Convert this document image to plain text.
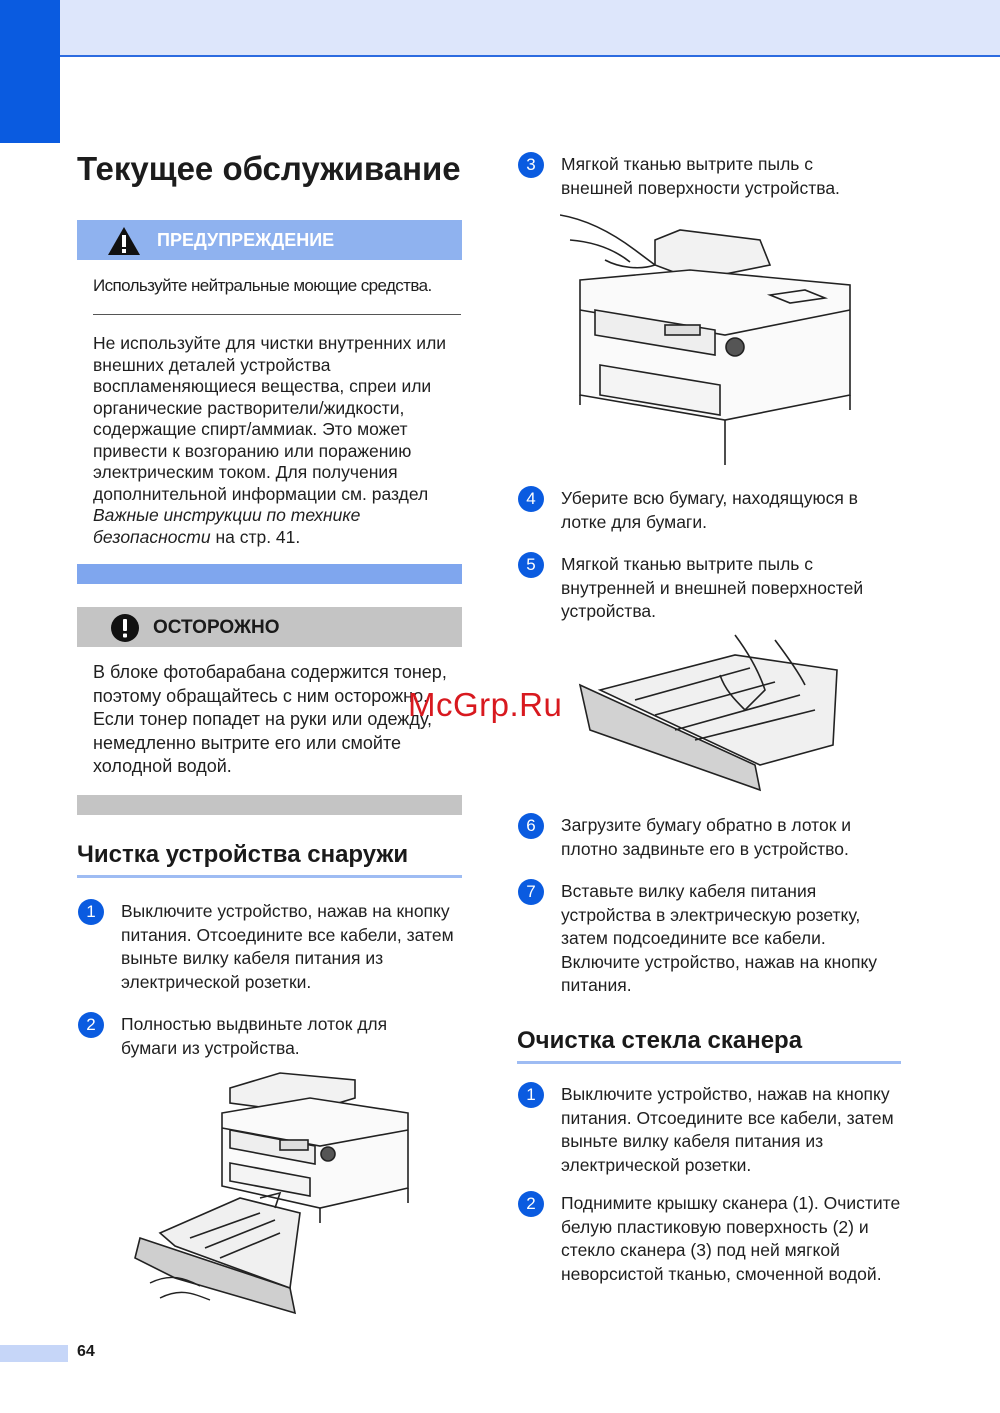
Текущее обслуживание
ПРЕДУПРЕЖДЕНИЕ
Используйте нейтральные моющие средства.

Не используйте для чистки внутренних или внешних деталей устройства воспламеняющиеся вещества, спреи или органические растворители/жидкости, содержащие спирт/аммиак. Это может привести к возгоранию или поражению электрическим током. Для получения дополнительной информации см. раздел Важные инструкции по технике безопасности на стр. 41.

ОСТОРОЖНО

В блоке фотобарабана содержится тонер, поэтому обращайтесь с ним осторожно. Если тонер попадет на руки или одежду, немедленно вытрите его или смойте холодной водой.

Чистка устройства снаружи
1	Выключите устройство, нажав на кнопку питания. Отсоедините все кабели, затем выньте вилку кабеля питания из электрической розетки.
2	Полностью выдвиньте лоток для бумаги из устройства.
3	Мягкой тканью вытрите пыль с внешней поверхности устройства.
4	Уберите всю бумагу, находящуюся в лотке для бумаги.
5	Мягкой тканью вытрите пыль с внутренней и внешней поверхностей устройства.
6	Загрузите бумагу обратно в лоток и плотно задвиньте его в устройство.
7	Вставьте вилку кабеля питания устройства в электрическую розетку, затем подсоедините все кабели. Включите устройство, нажав на кнопку питания.
Очистка стекла сканера
1	Выключите устройство, нажав на кнопку питания. Отсоедините все кабели, затем выньте вилку кабеля питания из электрической розетки.
2	Поднимите крышку сканера (1). Очистите белую пластиковую поверхность (2) и стекло сканера (3) под ней мягкой неворсистой тканью, смоченной водой.
McGrp.Ru
64
